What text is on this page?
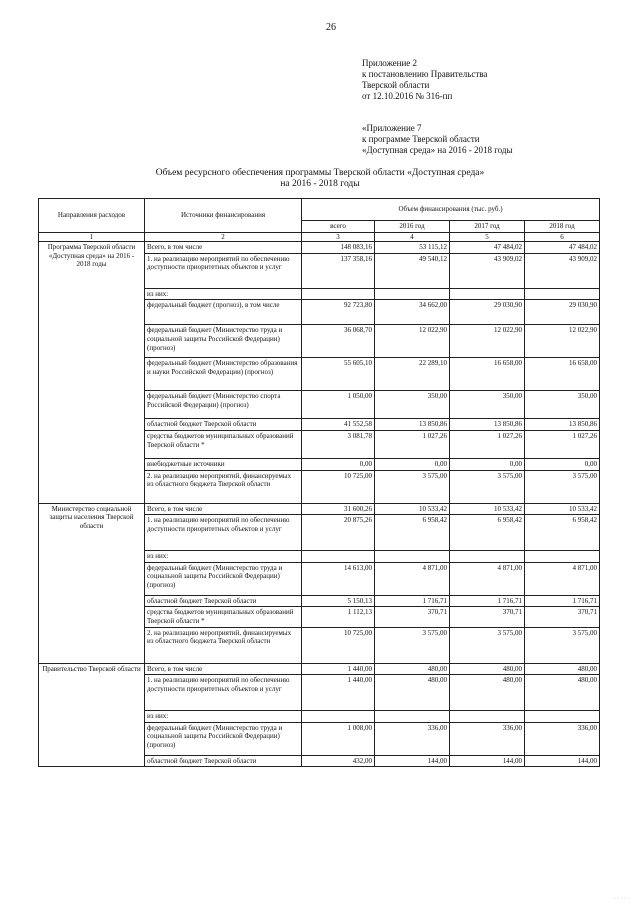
26
Приложение 2
к постановлению Правительства
Тверской области
от 12.10.2016 № 316-пп
«Приложение 7
к программе Тверской области
«Доступная среда» на 2016 - 2018 годы
Объем ресурсного обеспечения программы Тверской области «Доступная среда»
на 2016 - 2018 годы
Направления расходов	Источники финансирования	Объем финансирования (тыс. руб.)			
		всего	2016 год	2017 год	2018 год
1	2	3	4	5	6
Программа Тверской области «Доступная среда» на 2016 - 2018 годы	Всего, в том числе	148 083,16	53 115,12	47 484,02	47 484,02
	1. на реализацию мероприятий по обеспечению доступности приоритетных объектов и услуг	137 358,16	49 540,12	43 909,02	43 909,02
	из них:				
	федеральный бюджет (прогноз), в том числе	92 723,80	34 662,00	29 030,90	29 030,90
	федеральный бюджет (Министерство труда и социальной защиты Российской Федерации) (прогноз)	36 068,70	12 022,90	12 022,90	12 022,90
	федеральный бюджет (Министерство образования и науки Российской Федерации) (прогноз)	55 605,10	22 289,10	16 658,00	16 658,00
	федеральный бюджет (Министерство спорта Российской Федерации) (прогноз)	1 050,00	350,00	350,00	350,00
	областной бюджет Тверской области	41 552,58	13 850,86	13 850,86	13 850,86
	средства бюджетов муниципальных образований Тверской области *	3 081,78	1 027,26	1 027,26	1 027,26
	внебюджетные источники	0,00	0,00	0,00	0,00
	2. на реализацию мероприятий, финансируемых из областного бюджета Тверской области	10 725,00	3 575,00	3 575,00	3 575,00
Министерство социальной защиты населения Тверской области	Всего, в том числе	31 600,26	10 533,42	10 533,42	10 533,42
	1. на реализацию мероприятий по обеспечению доступности приоритетных объектов и услуг	20 875,26	6 958,42	6 958,42	6 958,42
	из них:				
	федеральный бюджет (Министерство труда и социальной защиты Российской Федерации) (прогноз)	14 613,00	4 871,00	4 871,00	4 871,00
	областной бюджет Тверской области	5 150,13	1 716,71	1 716,71	1 716,71
	средства бюджетов муниципальных образований Тверской области *	1 112,13	370,71	370,71	370,71
	2. на реализацию мероприятий, финансируемых из областного бюджета Тверской области	10 725,00	3 575,00	3 575,00	3 575,00
Правительство Тверской области	Всего, в том числе	1 440,00	480,00	480,00	480,00
	1. на реализацию мероприятий по обеспечению доступности приоритетных объектов и услуг	1 440,00	480,00	480,00	480,00
	из них:				
	федеральный бюджет (Министерство труда и социальной защиты Российской Федерации) (прогноз)	1 008,00	336,00	336,00	336,00
	областной бюджет Тверской области	432,00	144,00	144,00	144,00
· · · · ·
